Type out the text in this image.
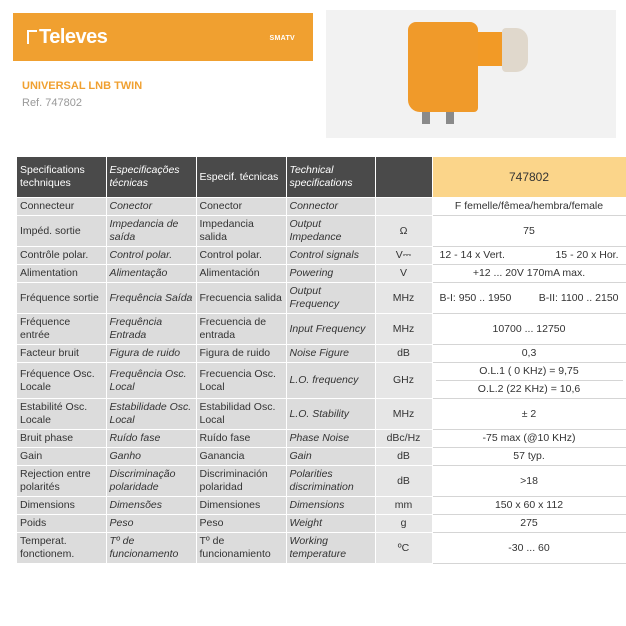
Televes	SMATV
UNIVERSAL LNB TWIN
Ref. 747802
Specifications techniques	Especificações técnicas	Especif. técnicas	Technical specifications		747802
Connecteur	Conector	Conector	Connector		F femelle/fêmea/hembra/female
Impéd. sortie	Impedancia de saída	Impedancia salida	Output Impedance	Ω	75
Contrôle polar.	Control polar.	Control polar.	Control signals	V⎓	12 - 14 x Vert. 15 - 20 x Hor.

Alimentation	Alimentação	Alimentación	Powering	V	+12 ... 20V 170mA max.
Fréquence sortie	Frequência Saída	Frecuencia salida	Output Frequency	MHz	B-I: 950 .. 1950 B-II: 1100 .. 2150

Fréquence entrée	Frequência Entrada	Frecuencia de entrada	Input Frequency	MHz	10700 ... 12750
Facteur bruit	Figura de ruido	Figura de ruido	Noise Figure	dB	0,3
Fréquence Osc. Locale	Frequência Osc. Local	Frecuencia Osc. Local	L.O. frequency	GHz	O.L.1 ( 0 KHz) = 9,75
O.L.2 (22 KHz) = 10,6

Estabilité Osc. Locale	Estabilidade Osc. Local	Estabilidad Osc. Local	L.O. Stability	MHz	± 2
Bruit phase	Ruído fase	Ruído fase	Phase Noise	dBc/Hz	-75 max (@10 KHz)
Gain	Ganho	Ganancia	Gain	dB	57 typ.
Rejection entre polarités	Discriminação polaridade	Discriminación polaridad	Polarities discrimination	dB	>18
Dimensions	Dimensões	Dimensiones	Dimensions	mm	150 x 60 x 112
Poids	Peso	Peso	Weight	g	275
Temperat. fonctionem.	Tº de funcionamento	Tº de funcionamiento	Working temperature	ºC	-30 ... 60
